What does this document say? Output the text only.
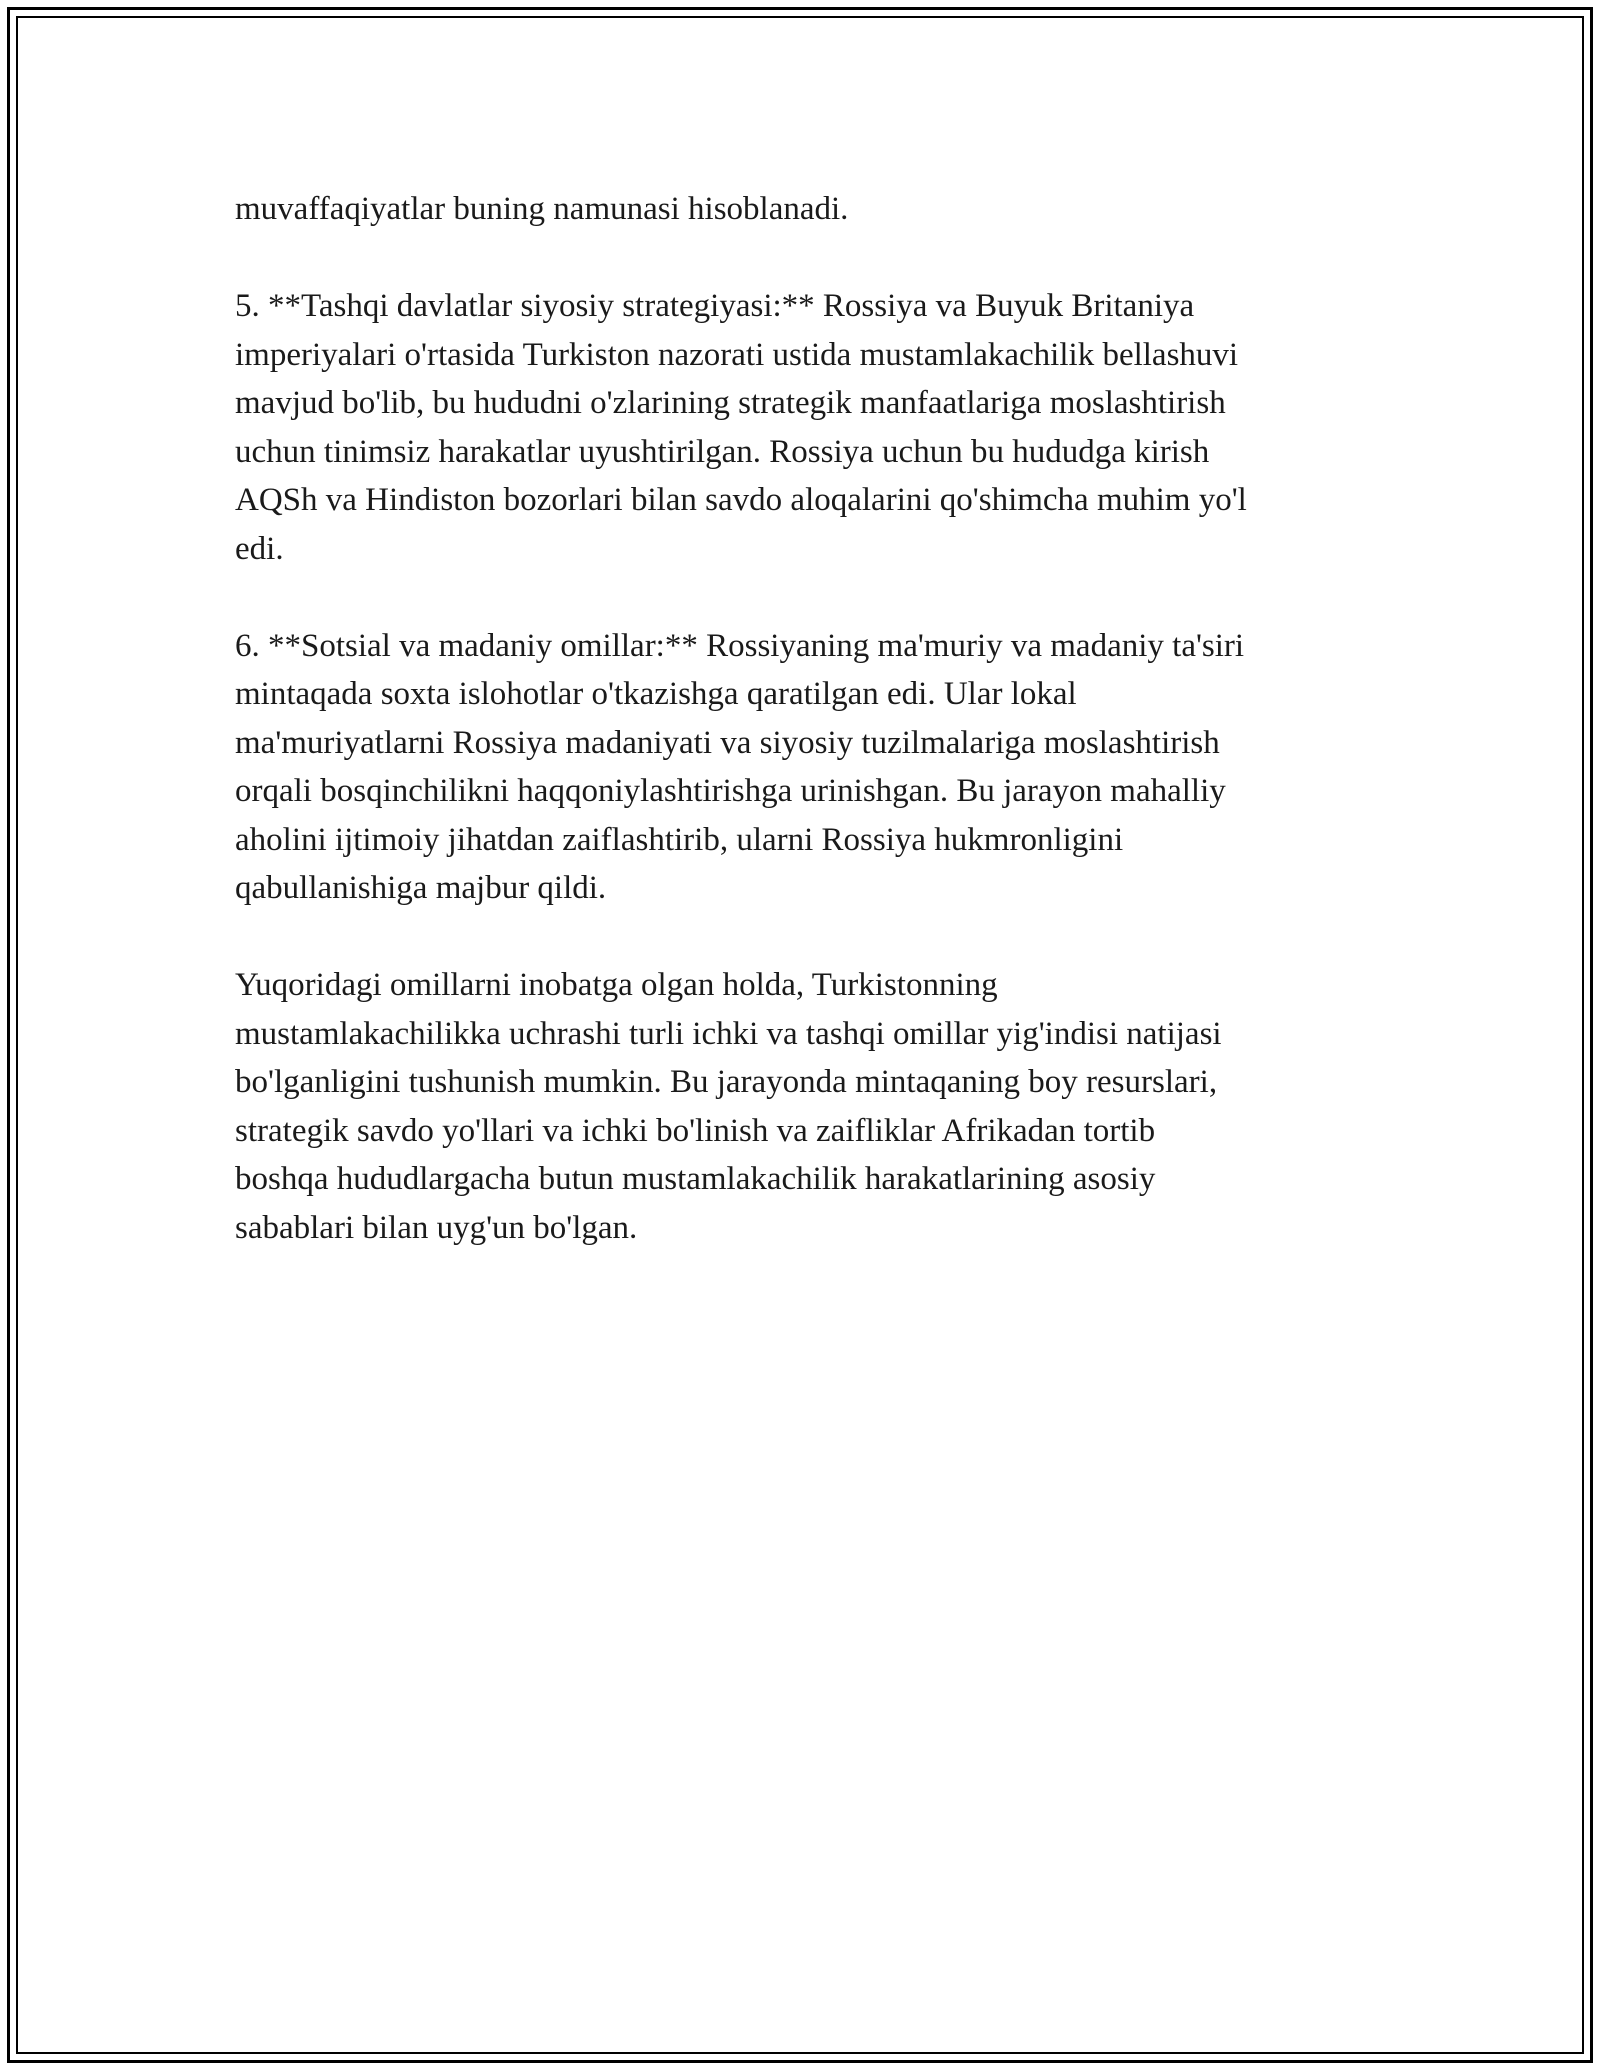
muvaffaqiyatlar buning namunasi hisoblanadi.

5. **Tashqi davlatlar siyosiy strategiyasi:** Rossiya va Buyuk Britaniya
imperiyalari o'rtasida Turkiston nazorati ustida mustamlakachilik bellashuvi
mavjud bo'lib, bu hududni o'zlarining strategik manfaatlariga moslashtirish
uchun tinimsiz harakatlar uyushtirilgan. Rossiya uchun bu hududga kirish
AQSh va Hindiston bozorlari bilan savdo aloqalarini qo'shimcha muhim yo'l
edi.

6. **Sotsial va madaniy omillar:** Rossiyaning ma'muriy va madaniy ta'siri
mintaqada soxta islohotlar o'tkazishga qaratilgan edi. Ular lokal
ma'muriyatlarni Rossiya madaniyati va siyosiy tuzilmalariga moslashtirish
orqali bosqinchilikni haqqoniylashtirishga urinishgan. Bu jarayon mahalliy
aholini ijtimoiy jihatdan zaiflashtirib, ularni Rossiya hukmronligini
qabullanishiga majbur qildi.

Yuqoridagi omillarni inobatga olgan holda, Turkistonning
mustamlakachilikka uchrashi turli ichki va tashqi omillar yig'indisi natijasi
bo'lganligini tushunish mumkin. Bu jarayonda mintaqaning boy resurslari,
strategik savdo yo'llari va ichki bo'linish va zaifliklar Afrikadan tortib
boshqa hududlargacha butun mustamlakachilik harakatlarining asosiy
sabablari bilan uyg'un bo'lgan.
